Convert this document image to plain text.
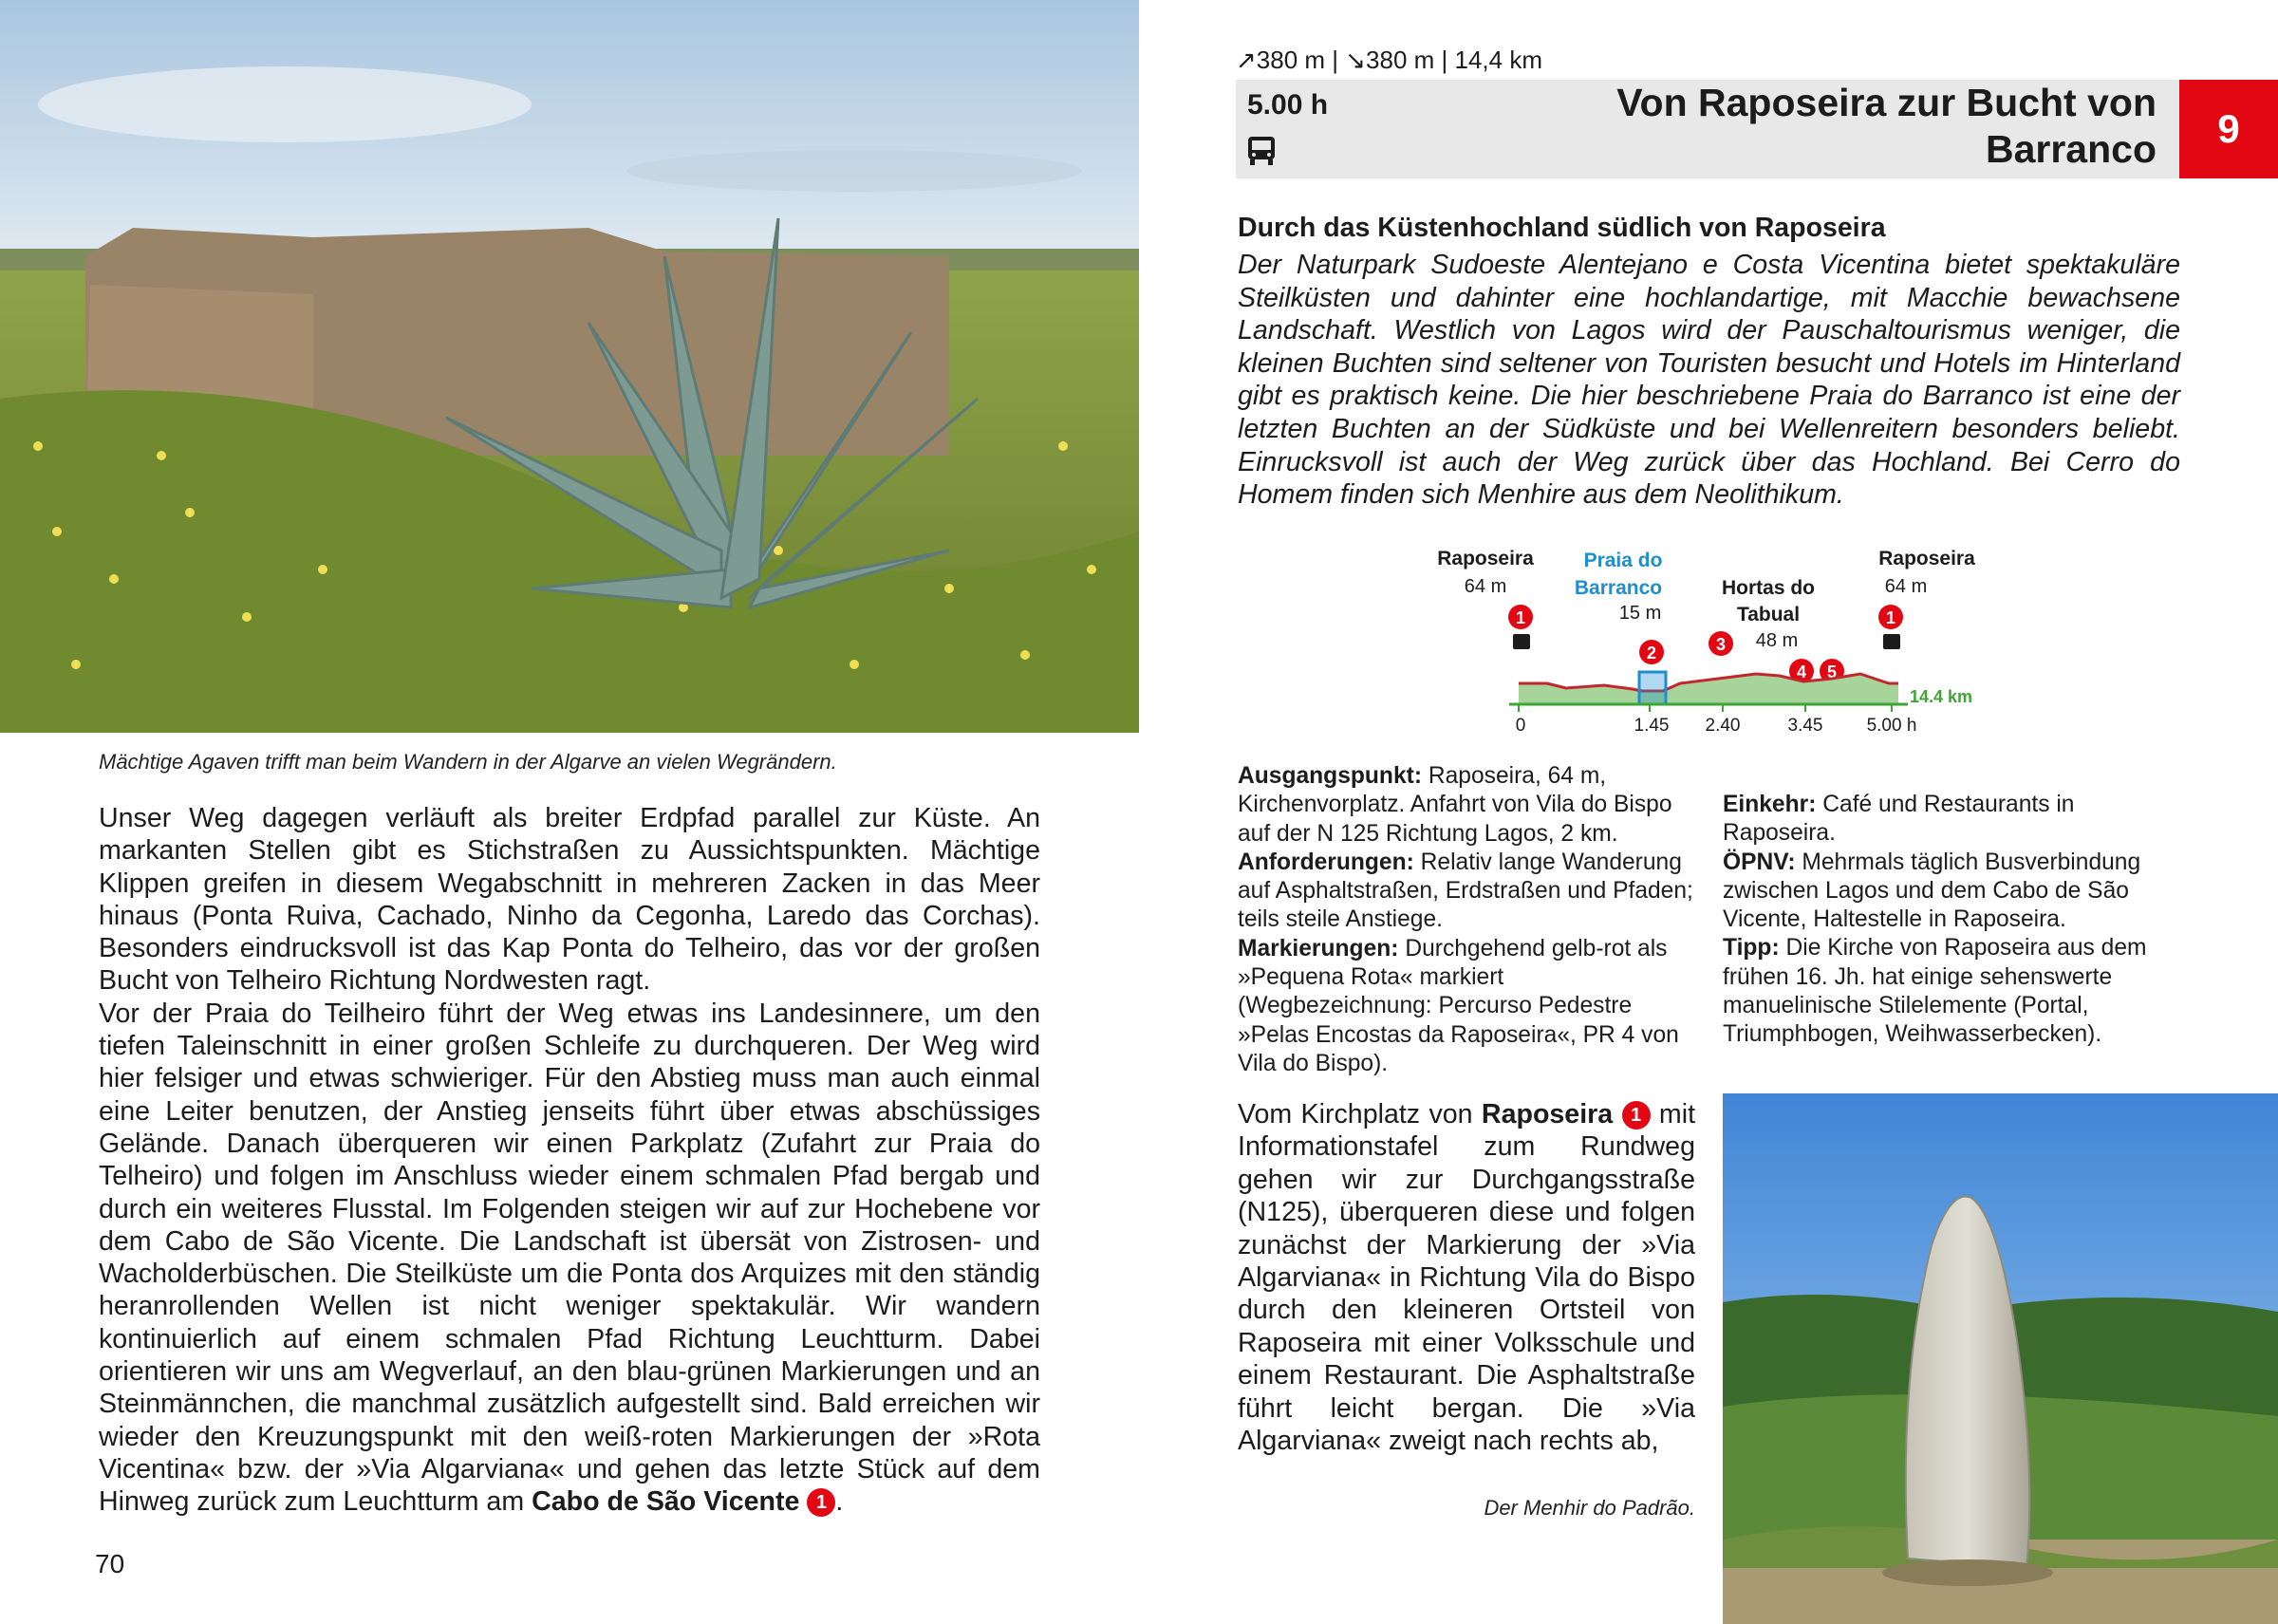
Mächtige Agaven trifft man beim Wandern in der Algarve an vielen Wegrändern.

Unser Weg dagegen verläuft als breiter Erdpfad parallel zur Küste. An markanten Stellen gibt es Stichstraßen zu Aussichtspunkten. Mächtige Klippen greifen in diesem Wegabschnitt in mehreren Zacken in das Meer hinaus (Ponta Ruiva, Cachado, Ninho da Cegonha, Laredo das Corchas). Besonders eindrucksvoll ist das Kap Ponta do Telheiro, das vor der großen Bucht von Telheiro Richtung Nordwesten ragt.

Vor der Praia do Teilheiro führt der Weg etwas ins Landesinnere, um den tiefen Taleinschnitt in einer großen Schleife zu durchqueren. Der Weg wird hier felsiger und etwas schwieriger. Für den Abstieg muss man auch einmal eine Leiter benutzen, der Anstieg jenseits führt über etwas abschüssiges Gelände. Danach überqueren wir einen Parkplatz (Zufahrt zur Praia do Telheiro) und folgen im Anschluss wieder einem schmalen Pfad bergab und durch ein weiteres Flusstal. Im Folgenden steigen wir auf zur Hochebene vor dem Cabo de São Vicente. Die Landschaft ist übersät von Zistrosen- und Wacholderbüschen. Die Steilküste um die Ponta dos Arquizes mit den ständig heranrollenden Wellen ist nicht weniger spektakulär. Wir wandern kontinuierlich auf einem schmalen Pfad Richtung Leuchtturm. Dabei orientieren wir uns am Wegverlauf, an den blau-grünen Markierungen und an Steinmännchen, die manchmal zusätzlich aufgestellt sind. Bald erreichen wir wieder den Kreuzungspunkt mit den weiß-roten Markierungen der »Rota Vicentina« bzw. der »Via Algarviana« und gehen das letzte Stück auf dem Hinweg zurück zum Leuchtturm am Cabo de São Vicente 1 .

70
↗380 m | ↘380 m | 14,4 km
5.00 h	Von Raposeira zur Bucht von Barranco	9
Durch das Küstenhochland südlich von Raposeira

Der Naturpark Sudoeste Alentejano e Costa Vicentina bietet spektakuläre Steilküsten und dahinter eine hochlandartige, mit Macchie bewachsene Landschaft. Westlich von Lagos wird der Pauschaltourismus weniger, die kleinen Buchten sind seltener von Touristen besucht und Hotels im Hinterland gibt es praktisch keine. Die hier beschriebene Praia do Barranco ist eine der letzten Buchten an der Südküste und bei Wellenreitern besonders beliebt. Einrucksvoll ist auch der Weg zurück über das Hochland. Bei Cerro do Homem finden sich Menhire aus dem Neolithikum.

Raposeira
64 m
Praia do
Barranco
15 m
Hortas do
Tabual
48 m
Raposeira
64 m
1
2	3
4 5
1
14.4 km
0	1.45 2.40	3.45 5.00 h

Ausgangspunkt: Raposeira, 64 m, Kirchenvorplatz. Anfahrt von Vila do Bispo auf der N 125 Richtung Lagos, 2 km.

Anforderungen: Relativ lange Wanderung auf Asphaltstraßen, Erdstraßen und Pfaden; teils steile Anstiege.

Markierungen: Durchgehend gelb-rot als »Pequena Rota« markiert (Wegbezeichnung: Percurso Pedestre »Pelas Encostas da Raposeira«, PR 4 von Vila do Bispo).

Einkehr: Café und Restaurants in Raposeira.

ÖPNV: Mehrmals täglich Busverbindung zwischen Lagos und dem Cabo de São Vicente, Haltestelle in Raposeira.

Tipp: Die Kirche von Raposeira aus dem frühen 16. Jh. hat einige sehenswerte manuelinische Stilelemente (Portal, Triumphbogen, Weihwasserbecken).

Vom Kirchplatz von Raposeira 1 mit Informationstafel zum Rundweg gehen wir zur Durchgangsstraße (N125), überqueren diese und folgen zunächst der Markierung der »Via Algarviana« in Richtung Vila do Bispo durch den kleineren Ortsteil von Raposeira mit einer Volksschule und einem Restaurant. Die Asphaltstraße führt leicht bergan. Die »Via Algarviana« zweigt nach rechts ab,

Der Menhir do Padrão.
